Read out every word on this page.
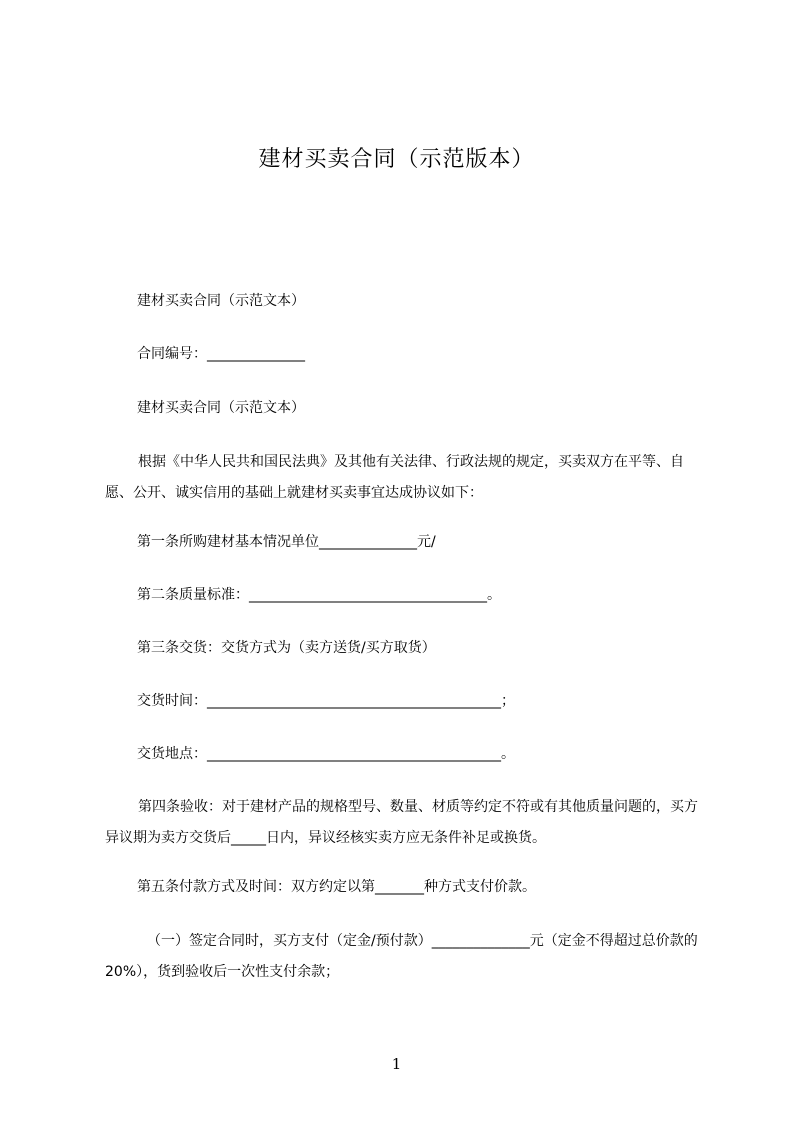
建材买卖合同（示范版本）
建材买卖合同（示范文本）
合同编号：______________
建材买卖合同（示范文本）
根据《中华人民共和国民法典》及其他有关法律、行政法规的规定，买卖双方在平等、自愿、公开、诚实信用的基础上就建材买卖事宜达成协议如下：
第一条所购建材基本情况单位______________元/
第二条质量标准：__________________________________。
第三条交货：交货方式为（卖方送货/买方取货）
交货时间：__________________________________________；
交货地点：__________________________________________。
第四条验收：对于建材产品的规格型号、数量、材质等约定不符或有其他质量问题的，买方异议期为卖方交货后_____日内，异议经核实卖方应无条件补足或换货。
第五条付款方式及时间：双方约定以第_______种方式支付价款。
（一）签定合同时，买方支付（定金/预付款）______________元（定金不得超过总价款的 20%），货到验收后一次性支付余款；
1
